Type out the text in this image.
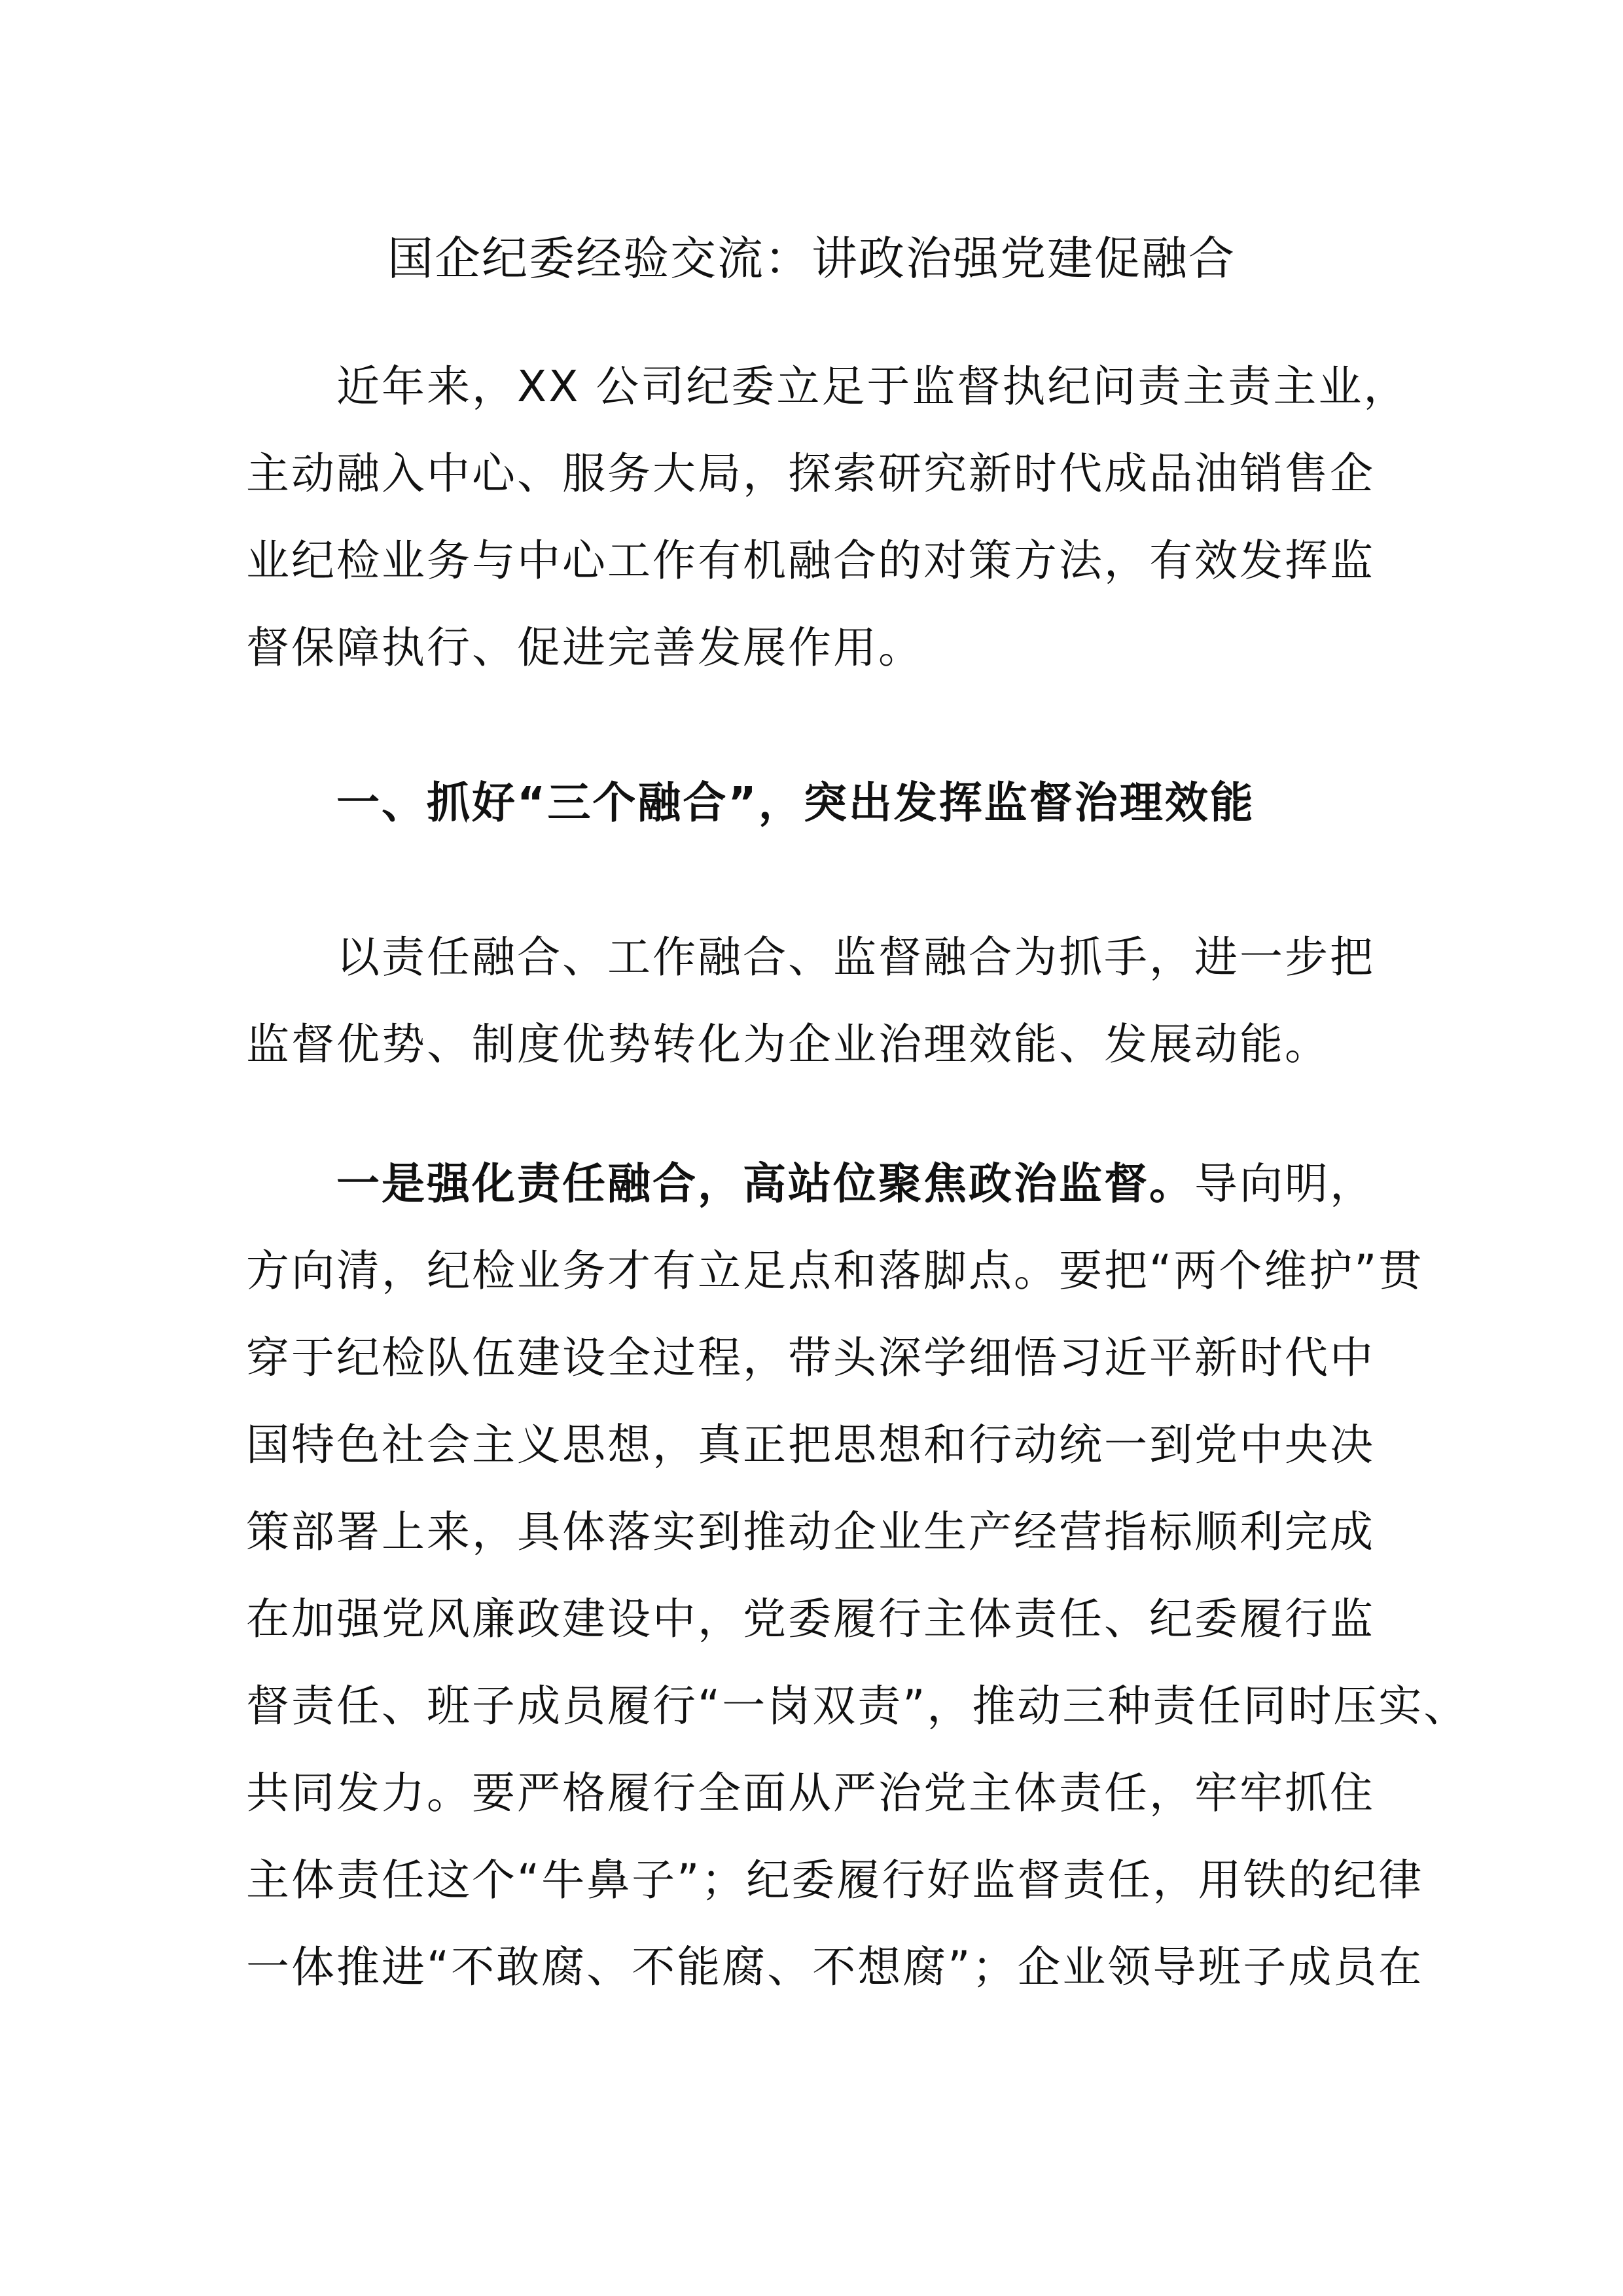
国企纪委经验交流：讲政治强党建促融合
近年来，XX 公司纪委立足于监督执纪问责主责主业，
主动融入中心、服务大局，探索研究新时代成品油销售企
业纪检业务与中心工作有机融合的对策方法，有效发挥监
督保障执行、促进完善发展作用。
一、抓好“三个融合”，突出发挥监督治理效能
以责任融合、工作融合、监督融合为抓手，进一步把
监督优势、制度优势转化为企业治理效能、发展动能。
一是强化责任融合，高站位聚焦政治监督。导向明，
方向清，纪检业务才有立足点和落脚点。要把“两个维护”贯
穿于纪检队伍建设全过程，带头深学细悟习近平新时代中
国特色社会主义思想，真正把思想和行动统一到党中央决
策部署上来，具体落实到推动企业生产经营指标顺利完成
在加强党风廉政建设中，党委履行主体责任、纪委履行监
督责任、班子成员履行“一岗双责”，推动三种责任同时压实、
共同发力。要严格履行全面从严治党主体责任，牢牢抓住
主体责任这个“牛鼻子”；纪委履行好监督责任，用铁的纪律
一体推进“不敢腐、不能腐、不想腐”；企业领导班子成员在
